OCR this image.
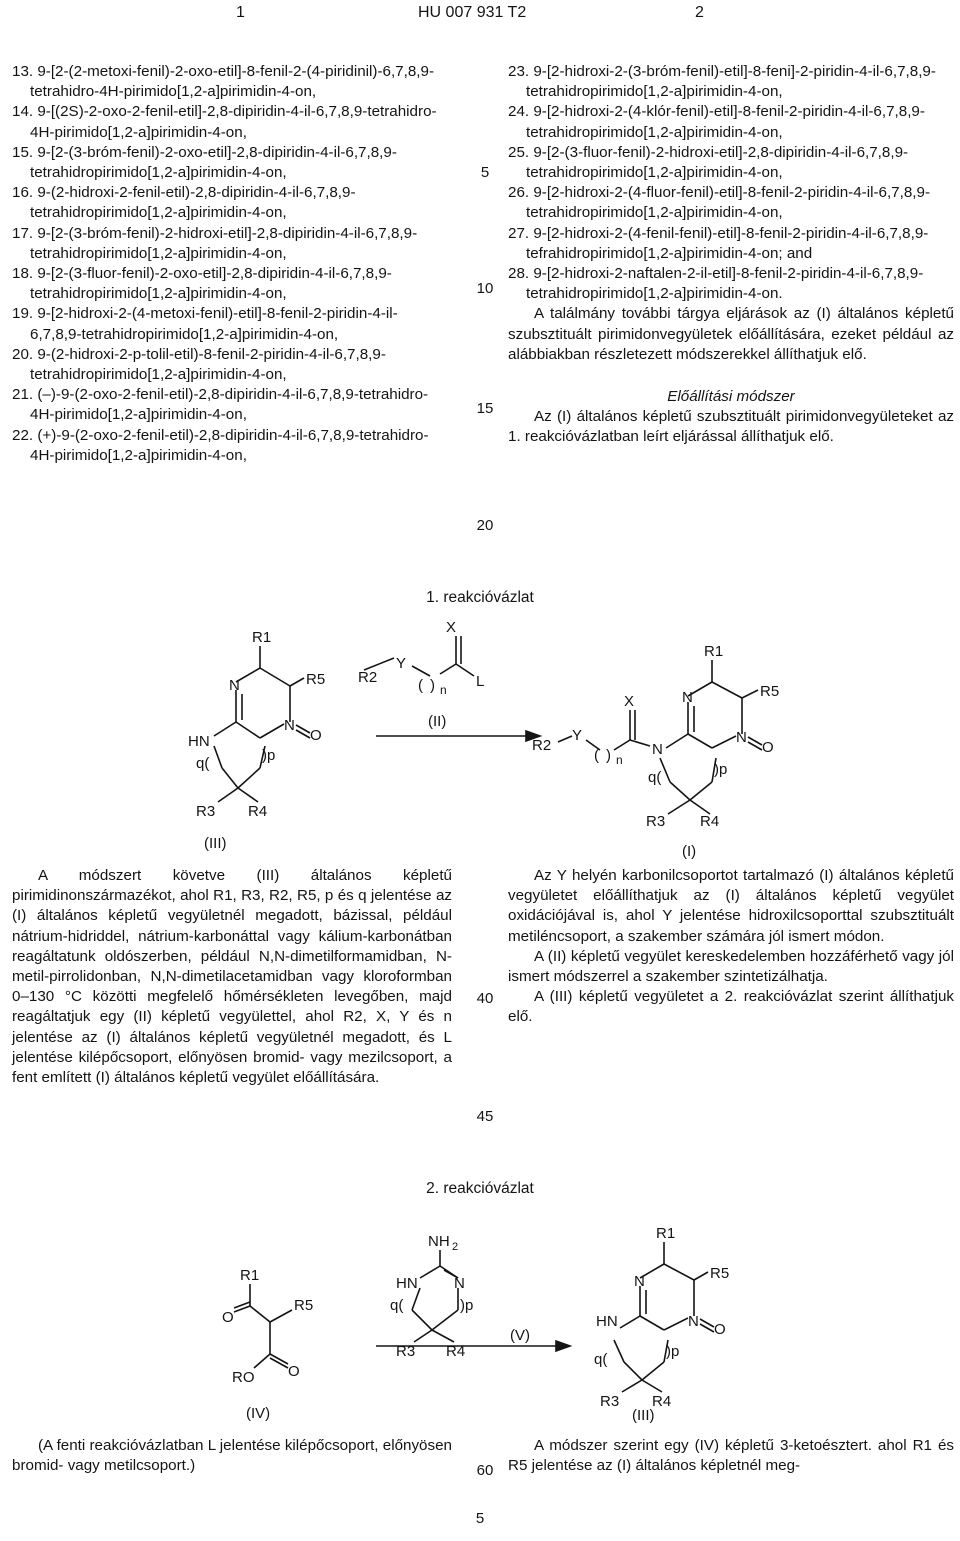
1	HU 007 931 T2	2
13. 9-[2-(2-metoxi-fenil)-2-oxo-etil]-8-fenil-2-(4-piridinil)-6,7,8,9-tetrahidro-4H-pirimido[1,2-a]pirimidin-4-on,
14. 9-[(2S)-2-oxo-2-fenil-etil]-2,8-dipiridin-4-il-6,7,8,9-tetrahidro-4H-pirimido[1,2-a]pirimidin-4-on,
15. 9-[2-(3-bróm-fenil)-2-oxo-etil]-2,8-dipiridin-4-il-6,7,8,9-tetrahidropirimido[1,2-a]pirimidin-4-on,
16. 9-(2-hidroxi-2-fenil-etil)-2,8-dipiridin-4-il-6,7,8,9-tetrahidropirimido[1,2-a]pirimidin-4-on,
17. 9-[2-(3-bróm-fenil)-2-hidroxi-etil]-2,8-dipiridin-4-il-6,7,8,9-tetrahidropirimido[1,2-a]pirimidin-4-on,
18. 9-[2-(3-fluor-fenil)-2-oxo-etil]-2,8-dipiridin-4-il-6,7,8,9-tetrahidropirimido[1,2-a]pirimidin-4-on,
19. 9-[2-hidroxi-2-(4-metoxi-fenil)-etil]-8-fenil-2-piridin-4-il-6,7,8,9-tetrahidropirimido[1,2-a]pirimidin-4-on,
20. 9-(2-hidroxi-2-p-tolil-etil)-8-fenil-2-piridin-4-il-6,7,8,9-tetrahidropirimido[1,2-a]pirimidin-4-on,
21. (–)-9-(2-oxo-2-fenil-etil)-2,8-dipiridin-4-il-6,7,8,9-tetrahidro-4H-pirimido[1,2-a]pirimidin-4-on,
22. (+)-9-(2-oxo-2-fenil-etil)-2,8-dipiridin-4-il-6,7,8,9-tetrahidro-4H-pirimido[1,2-a]pirimidin-4-on,
23. 9-[2-hidroxi-2-(3-bróm-fenil)-etil]-8-feni]-2-piridin-4-il-6,7,8,9-tetrahidropirimido[1,2-a]pirimidin-4-on,
24. 9-[2-hidroxi-2-(4-klór-fenil)-etil]-8-fenil-2-piridin-4-il-6,7,8,9-tetrahidropirimido[1,2-a]pirimidin-4-on,
25. 9-[2-(3-fluor-fenil)-2-hidroxi-etil]-2,8-dipiridin-4-il-6,7,8,9-tetrahidropirimido[1,2-a]pirimidin-4-on,
26. 9-[2-hidroxi-2-(4-fluor-fenil)-etil]-8-fenil-2-piridin-4-il-6,7,8,9-tetrahidropirimido[1,2-a]pirimidin-4-on,
27. 9-[2-hidroxi-2-(4-fenil-fenil)-etil]-8-fenil-2-piridin-4-il-6,7,8,9-tefrahidropirimido[1,2-a]pirimidin-4-on; and
28. 9-[2-hidroxi-2-naftalen-2-il-etil]-8-fenil-2-piridin-4-il-6,7,8,9-tetrahidropirimido[1,2-a]pirimidin-4-on.
A találmány további tárgya eljárások az (I) általános képletű szubsztituált pirimidonvegyületek előállítására, ezeket például az alábbiakban részletezett módszerekkel állíthatjuk elő.
Előállítási módszer
Az (I) általános képletű szubsztituált pirimidonvegyületeket az 1. reakcióvázlatban leírt eljárással állíthatjuk elő.
5
10
15
20
40
45
60
1. reakcióvázlat
R1
R5
N
HN
N
O
q(	)p
R3 R4
X
R2
Y
( ) n L
(II)
R2
Y
( ) n
X
N
R1
R5
N
N
O
q(	)p
R3 R4
(III)	(I)
A módszert követve (III) általános képletű pirimidinonszármazékot, ahol R1, R3, R2, R5, p és q jelentése az (I) általános képletű vegyületnél megadott, bázissal, például nátrium-hidriddel, nátrium-karbonáttal vagy kálium-karbonátban reagáltatunk oldószerben, például N,N-dimetilformamidban, N-metil-pirrolidonban, N,N-dimetilacetamidban vagy kloroformban 0–130 °C közötti megfelelő hőmérsékleten levegőben, majd reagáltatjuk egy (II) képletű vegyülettel, ahol R2, X, Y és n jelentése az (I) általános képletű vegyületnél megadott, és L jelentése kilépőcsoport, előnyösen bromid- vagy mezilcsoport, a fent említett (I) általános képletű vegyület előállítására.
Az Y helyén karbonilcsoportot tartalmazó (I) általános képletű vegyületet előállíthatjuk az (I) általános képletű vegyület oxidációjával is, ahol Y jelentése hidroxilcsoporttal szubsztituált metiléncsoport, a szakember számára jól ismert módon.
A (II) képletű vegyület kereskedelemben hozzáférhető vagy jól ismert módszerrel a szakember szintetizálhatja.
A (III) képletű vegyületet a 2. reakcióvázlat szerint állíthatjuk elő.
2. reakcióvázlat
R1
R5
O
O
RO
(IV)
NH 2
HN N
q(	)p
R3 R4
(V)
R1
R5
N
HN	N O
q(	)p
R3 R4
(III)
(A fenti reakcióvázlatban L jelentése kilépőcsoport, előnyösen bromid- vagy metilcsoport.)
A módszer szerint egy (IV) képletű 3-ketoésztert. ahol R1 és R5 jelentése az (I) általános képletnél meg-
5
